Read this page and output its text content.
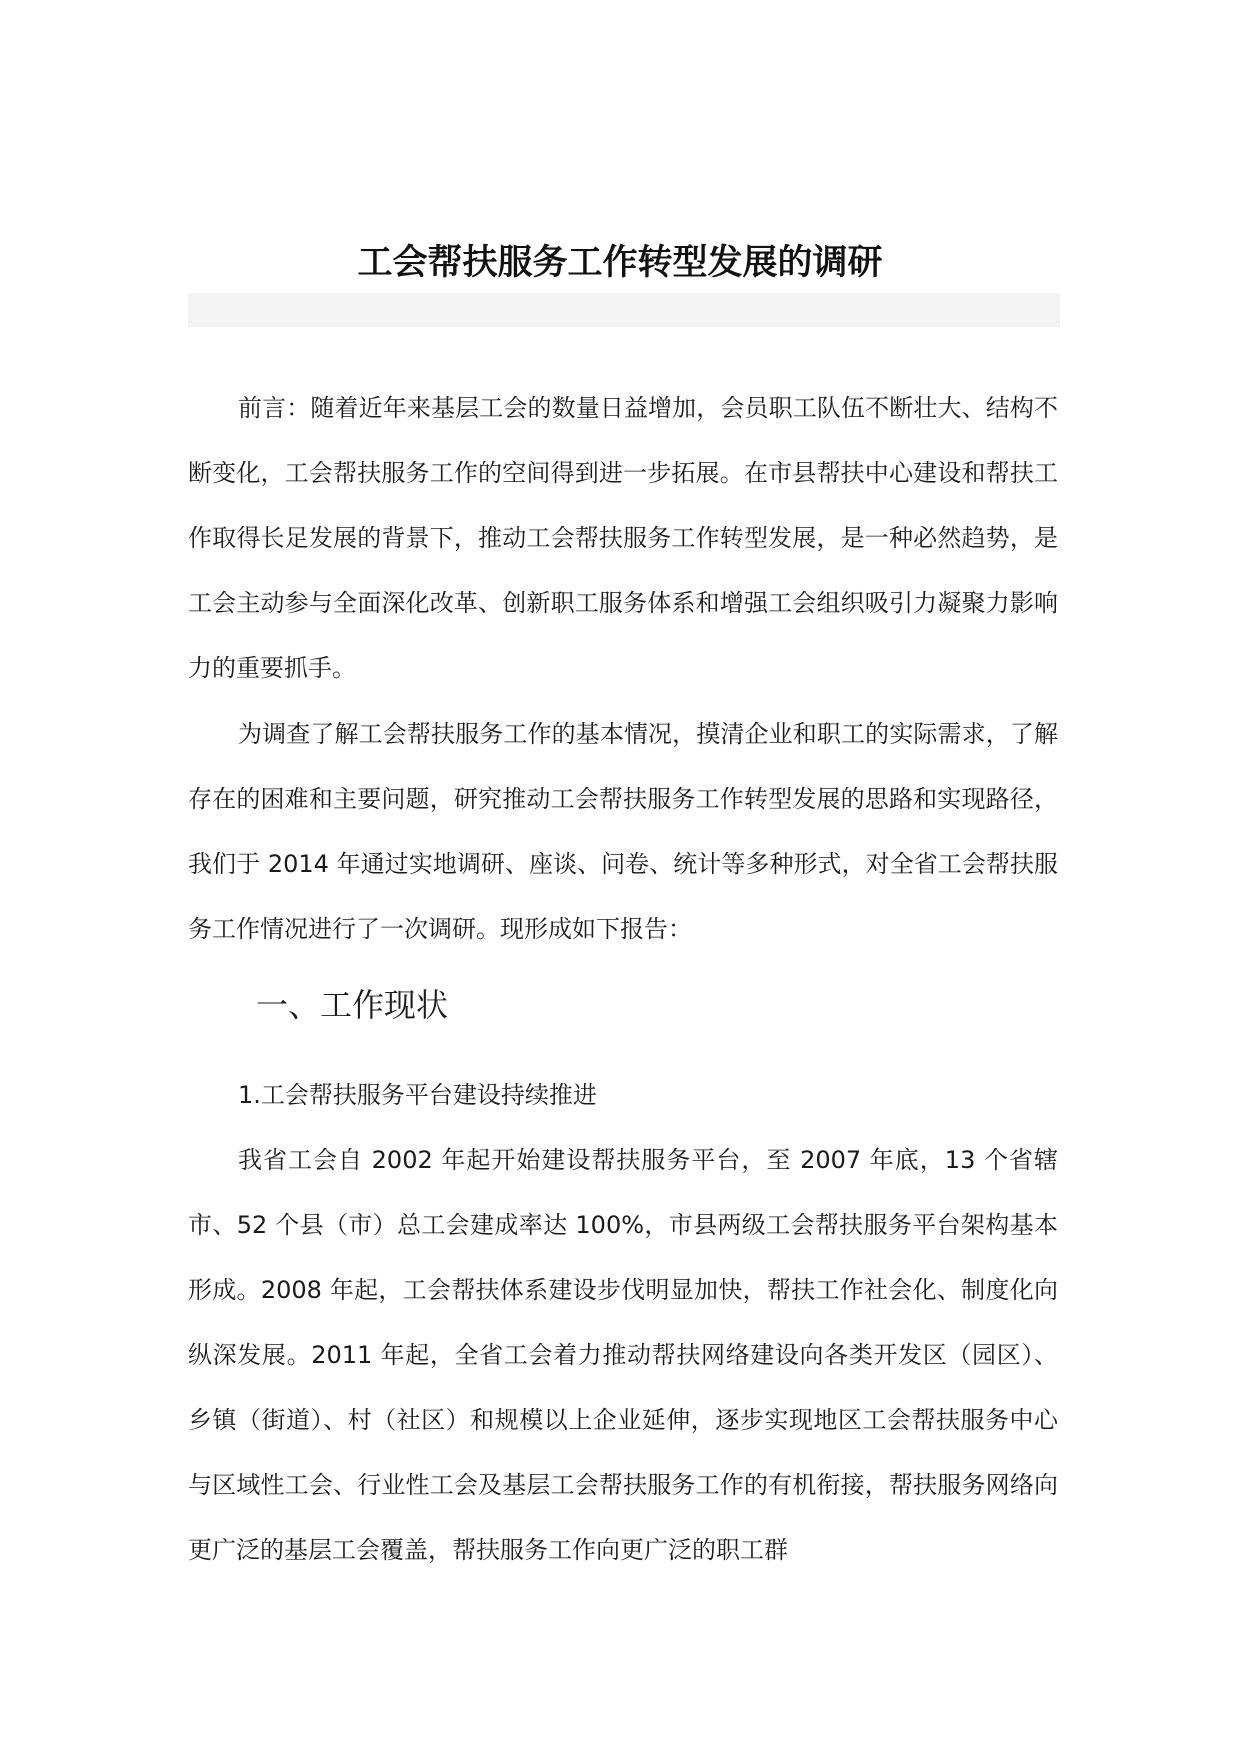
工会帮扶服务工作转型发展的调研

前言：随着近年来基层工会的数量日益增加，会员职工队伍不断壮大、结构不断变化，工会帮扶服务工作的空间得到进一步拓展。在市县帮扶中心建设和帮扶工作取得长足发展的背景下，推动工会帮扶服务工作转型发展，是一种必然趋势，是工会主动参与全面深化改革、创新职工服务体系和增强工会组织吸引力凝聚力影响力的重要抓手。

为调查了解工会帮扶服务工作的基本情况，摸清企业和职工的实际需求，了解存在的困难和主要问题，研究推动工会帮扶服务工作转型发展的思路和实现路径，我们于 2014 年通过实地调研、座谈、问卷、统计等多种形式，对全省工会帮扶服务工作情况进行了一次调研。现形成如下报告：

一、工作现状
1.工会帮扶服务平台建设持续推进

我省工会自 2002 年起开始建设帮扶服务平台，至 2007 年底，13 个省辖市、52 个县（市）总工会建成率达 100%，市县两级工会帮扶服务平台架构基本形成。2008 年起，工会帮扶体系建设步伐明显加快，帮扶工作社会化、制度化向纵深发展。2011 年起，全省工会着力推动帮扶网络建设向各类开发区（园区）、乡镇（街道）、村（社区）和规模以上企业延伸，逐步实现地区工会帮扶服务中心与区域性工会、行业性工会及基层工会帮扶服务工作的有机衔接，帮扶服务网络向更广泛的基层工会覆盖，帮扶服务工作向更广泛的职工群
